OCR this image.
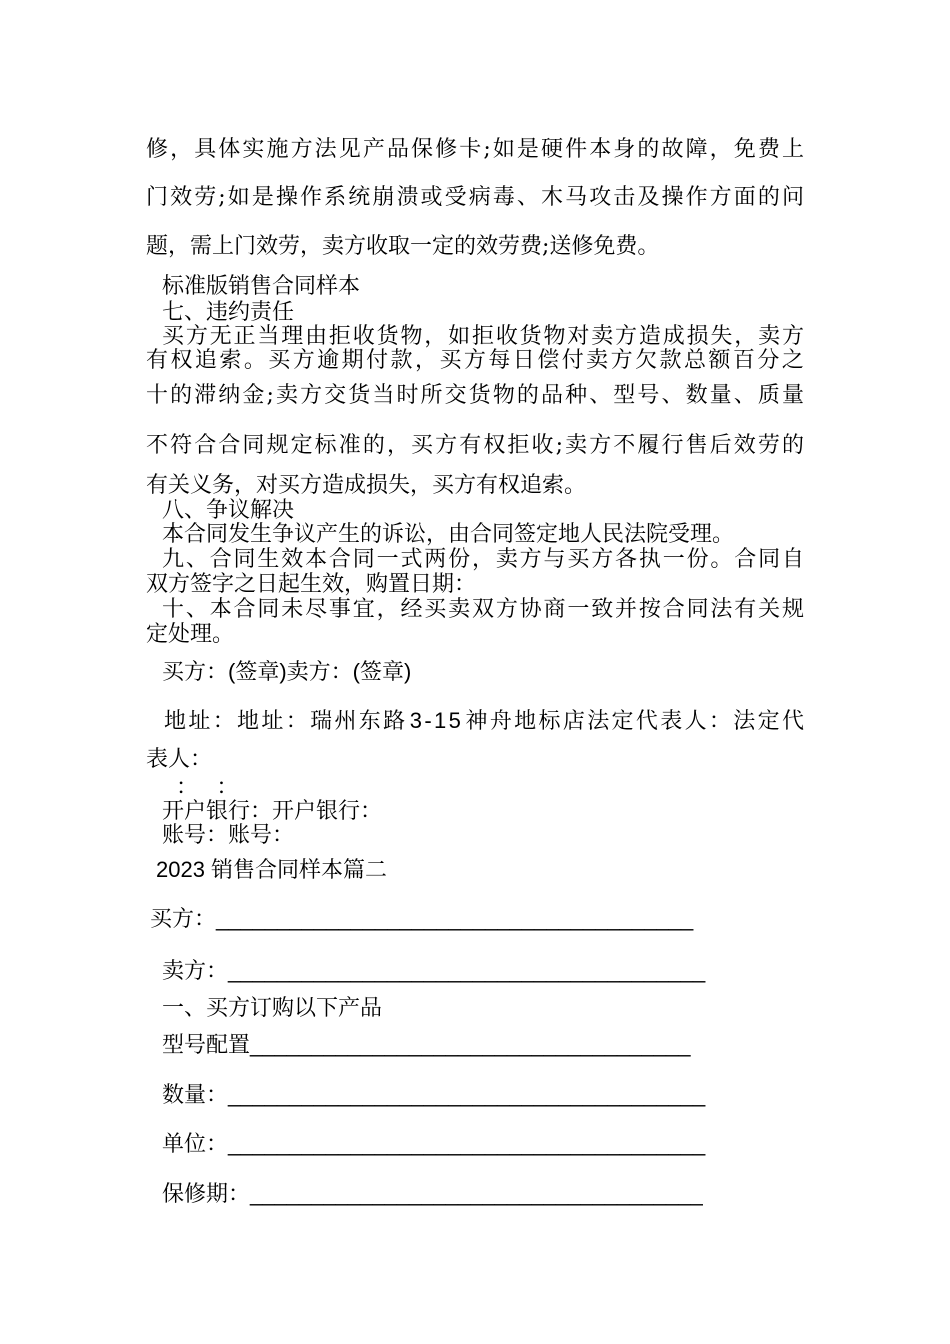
修 ， 具 体 实 施 方 法 见 产 品 保 修 卡 ; 如 是 硬 件 本 身 的 故 障 ， 免 费 上
门 效 劳 ; 如 是 操 作 系 统 崩 溃 或 受 病 毒 、 木 马 攻 击 及 操 作 方 面 的 问
题，需上门效劳，卖方收取一定的效劳费;送修免费。
标准版销售合同样本
七、违约责任
买 方 无 正 当 理 由 拒 收 货 物 ， 如 拒 收 货 物 对 卖 方 造 成 损 失 ， 卖 方
有 权 追 索 。 买 方 逾 期 付 款 ， 买 方 每 日 偿 付 卖 方 欠 款 总 额 百 分 之
十 的 滞 纳 金 ; 卖 方 交 货 当 时 所 交 货 物 的 品 种 、 型 号 、 数 量 、 质 量
不 符 合 合 同 规 定 标 准 的 ， 买 方 有 权 拒 收 ; 卖 方 不 履 行 售 后 效 劳 的
有关义务，对买方造成损失，买方有权追索。
八、争议解决
本合同发生争议产生的诉讼，由合同签定地人民法院受理。
九 、 合 同 生 效 本 合 同 一 式 两 份 ， 卖 方 与 买 方 各 执 一 份 。 合 同 自
双方签字之日起生效，购置日期：
十 、 本 合 同 未 尽 事 宜 ， 经 买 卖 双 方 协 商 一 致 并 按 合 同 法 有 关 规
定处理。
买方：(签章)卖方：(签章)
地 址 ： 地 址 ： 瑞 州 东 路 3 - 1 5 神 舟 地 标 店 法 定 代 表 人 ： 法 定 代
表人：
：   ：
开户银行：开户银行：
账号：账号：
2023 销售合同样本篇二
买方：_______________________________________
卖方：_______________________________________
一、买方订购以下产品
型号配置____________________________________
数量：_______________________________________
单位：_______________________________________
保修期：_____________________________________
